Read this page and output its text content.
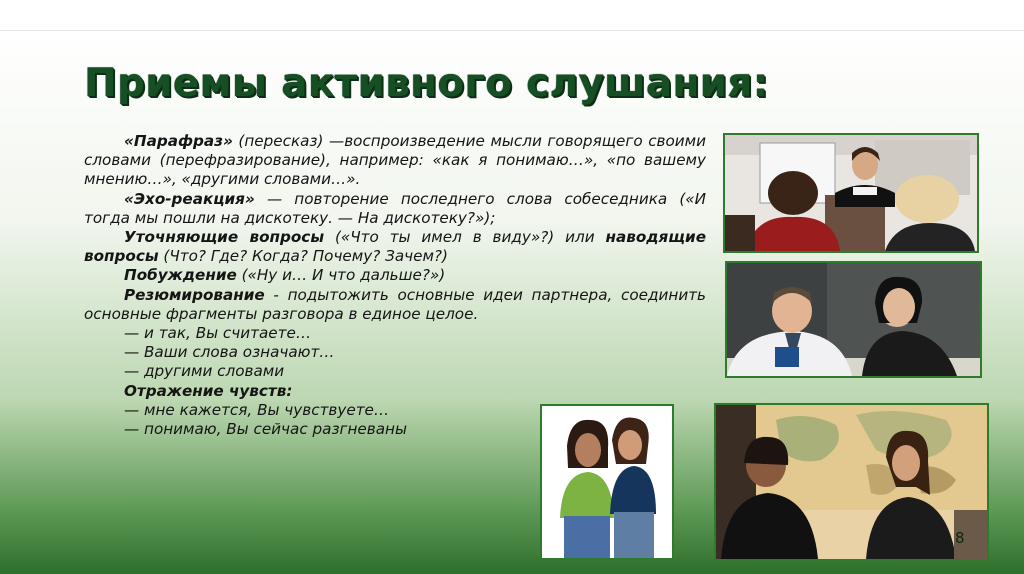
Приемы активного слушания:

«Парафраз» (пересказ) —воспроизведение мысли говорящего своими словами (перефразирование), например: «как я понимаю…», «по вашему мнению…», «другими словами…».

«Эхо-реакция» — повторение последнего слова собеседника («И тогда мы пошли на дискотеку. — На дискотеку?»);

Уточняющие вопросы («Что ты имел в виду»?) или наводящие вопросы (Что? Где? Когда? Почему? Зачем?)

Побуждение («Ну и… И что дальше?»)

Резюмирование - подытожить основные идеи партнера, соединить основные фрагменты разговора в единое целое.

— и так, Вы считаете…

— Ваши слова означают…

— другими словами

Отражение чувств:

— мне кажется, Вы чувствуете…

— понимаю, Вы сейчас разгневаны

8
